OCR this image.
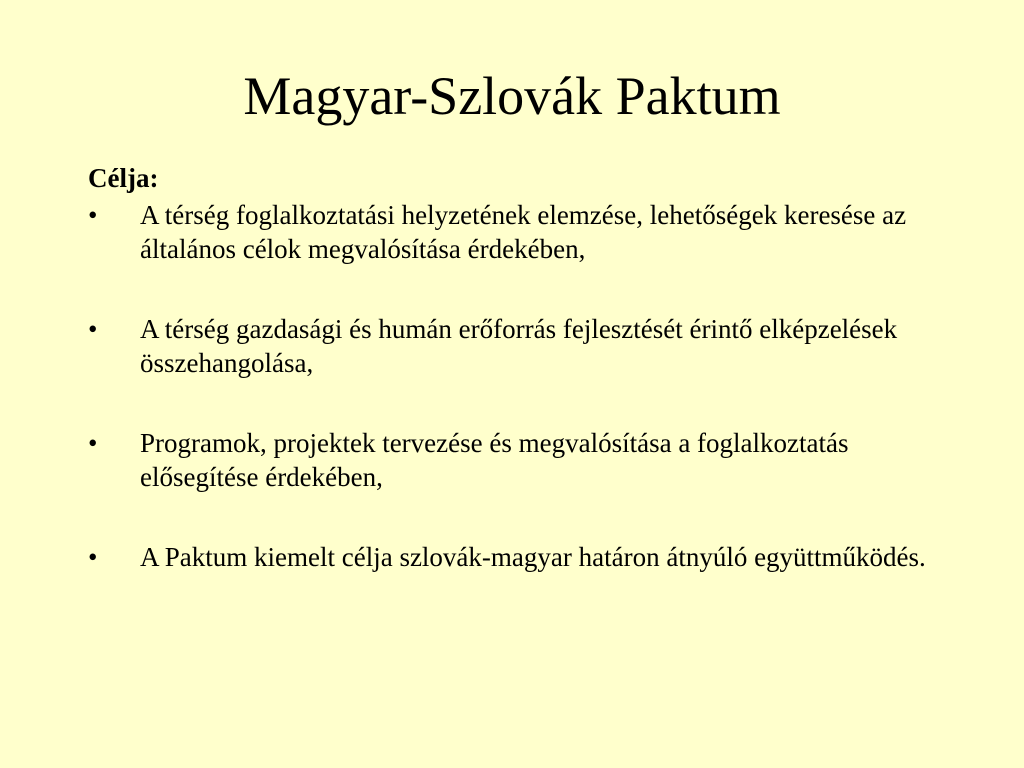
Magyar-Szlovák Paktum
Célja:
•	A térség foglalkoztatási helyzetének elemzése, lehetőségek keresése az általános célok megvalósítása érdekében,
•	A térség gazdasági és humán erőforrás fejlesztését érintő elképzelések összehangolása,
•	Programok, projektek tervezése és megvalósítása a foglalkoztatás elősegítése érdekében,
•	A Paktum kiemelt célja szlovák-magyar határon átnyúló együttműködés.
